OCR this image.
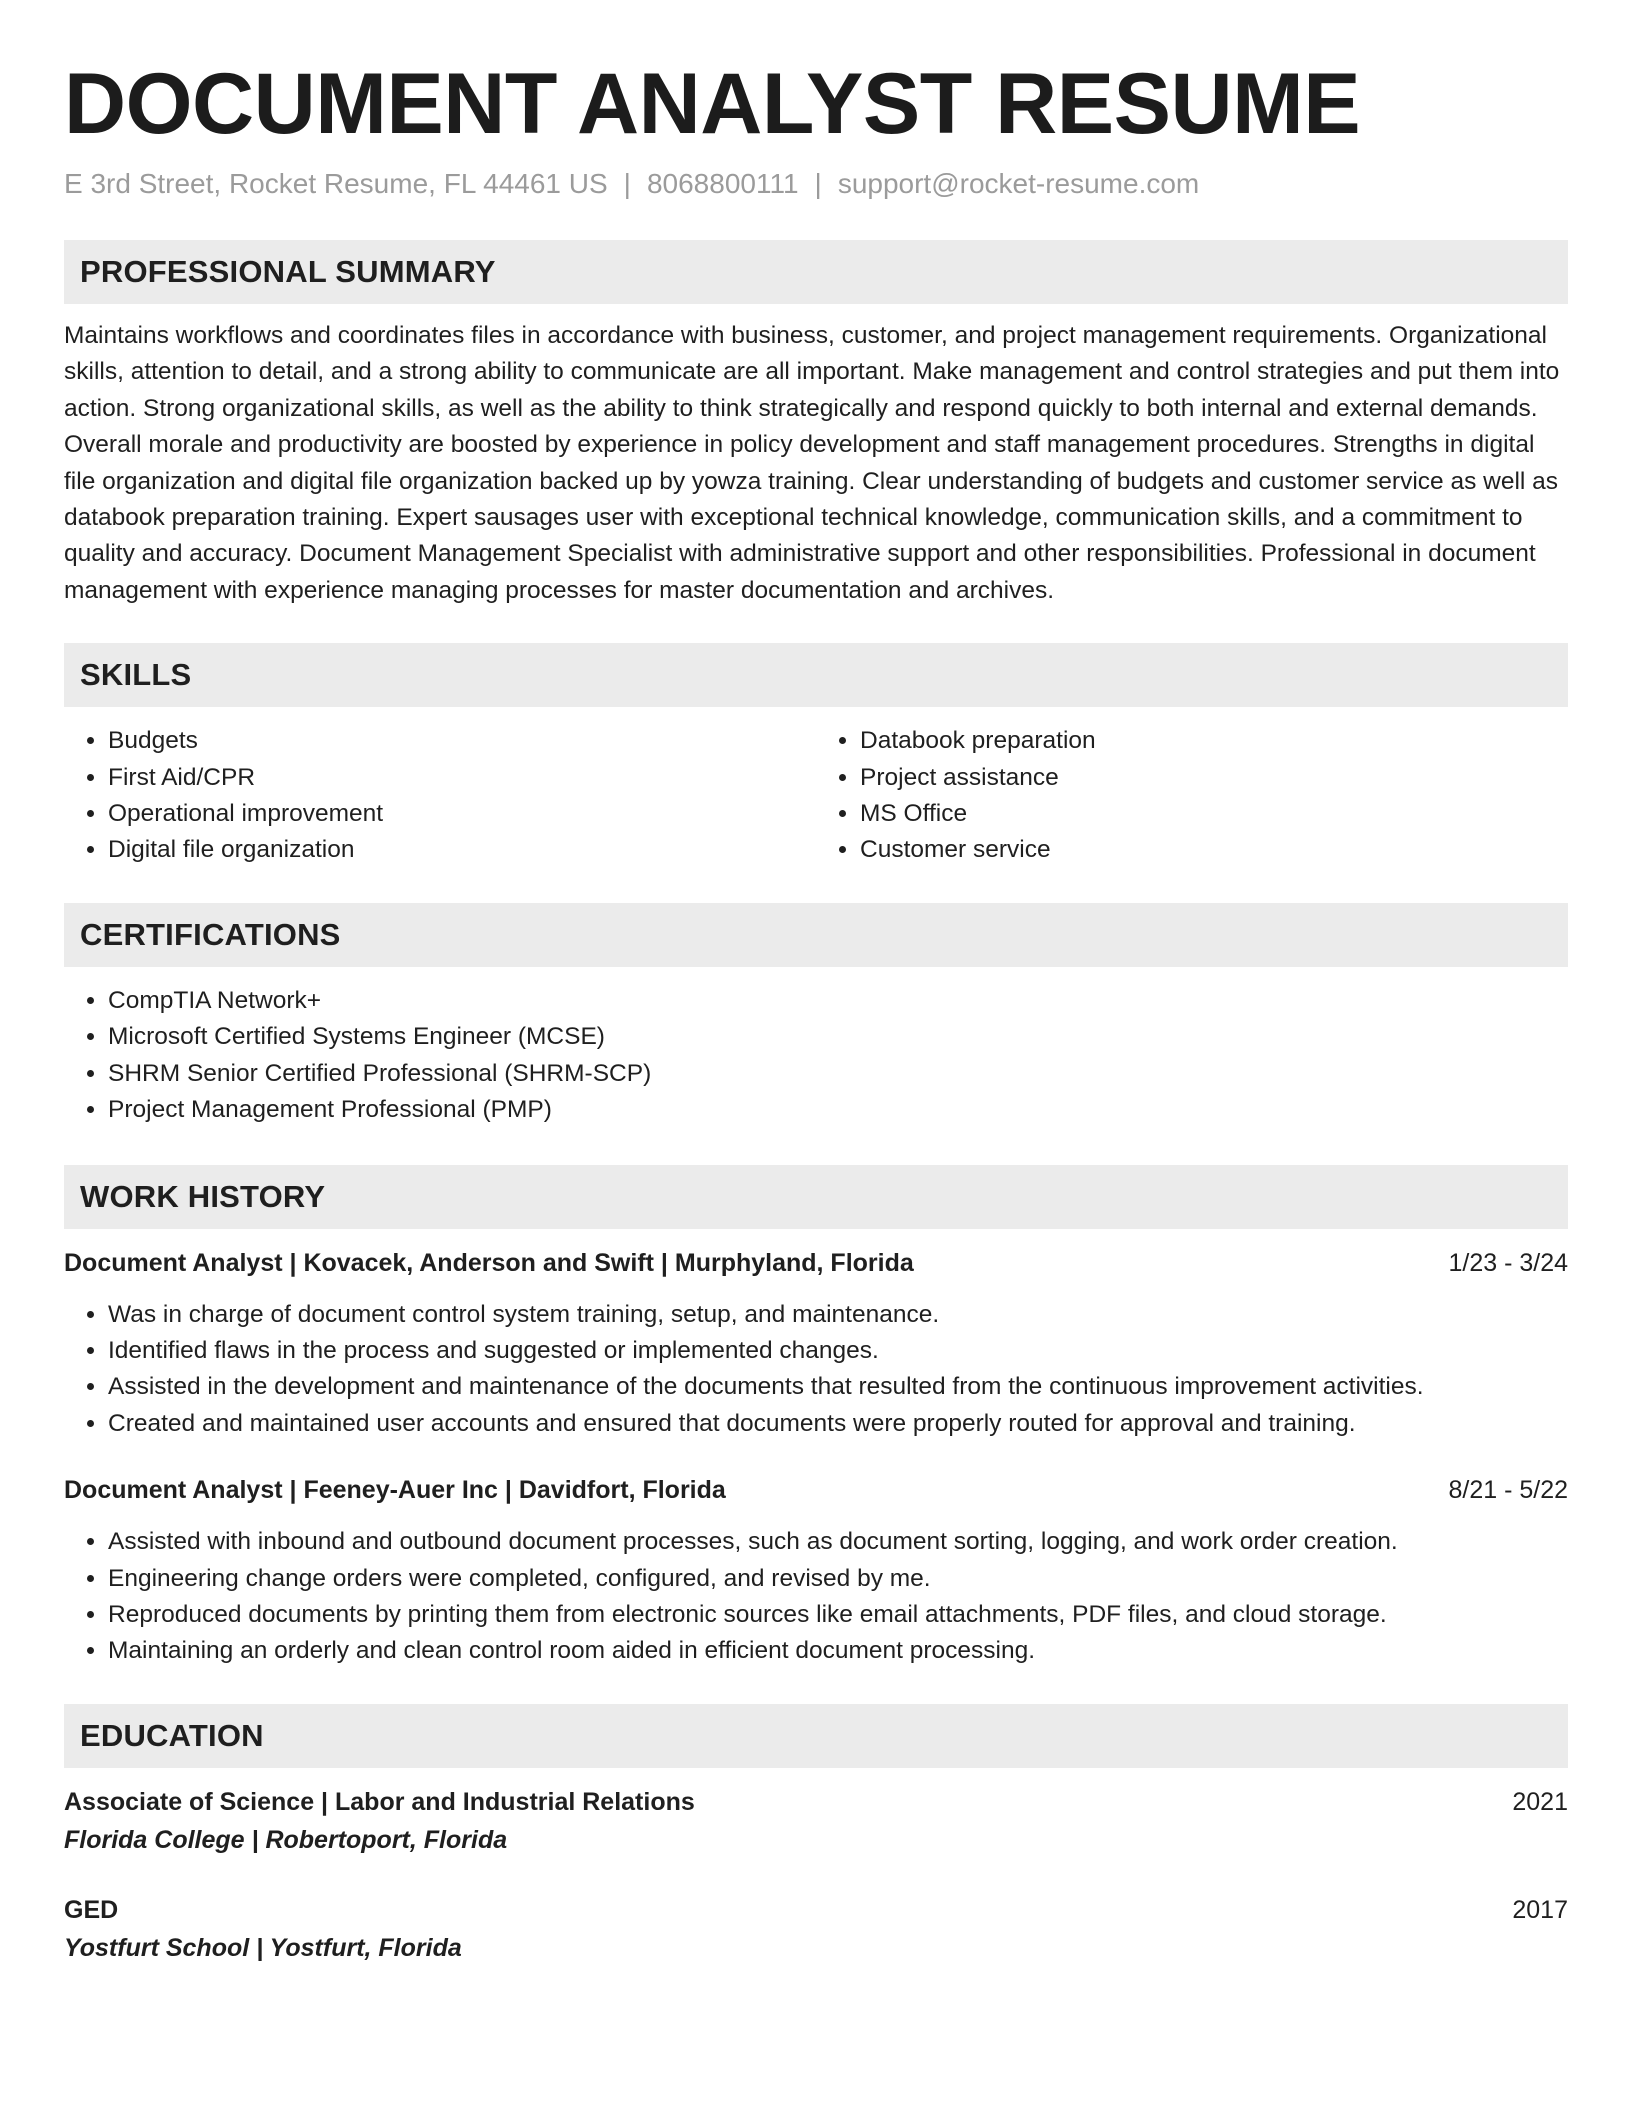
DOCUMENT ANALYST RESUME
E 3rd Street, Rocket Resume, FL 44461 US | 8068800111 | support@rocket-resume.com
PROFESSIONAL SUMMARY

Maintains workflows and coordinates files in accordance with business, customer, and project management requirements. Organizational skills, attention to detail, and a strong ability to communicate are all important. Make management and control strategies and put them into action. Strong organizational skills, as well as the ability to think strategically and respond quickly to both internal and external demands. Overall morale and productivity are boosted by experience in policy development and staff management procedures. Strengths in digital file organization and digital file organization backed up by yowza training. Clear understanding of budgets and customer service as well as databook preparation training. Expert sausages user with exceptional technical knowledge, communication skills, and a commitment to quality and accuracy. Document Management Specialist with administrative support and other responsibilities. Professional in document management with experience managing processes for master documentation and archives.

SKILLS
• Budgets
• First Aid/CPR
• Operational improvement
• Digital file organization
• Databook preparation
• Project assistance
• MS Office
• Customer service
CERTIFICATIONS
• CompTIA Network+
• Microsoft Certified Systems Engineer (MCSE)
• SHRM Senior Certified Professional (SHRM-SCP)
• Project Management Professional (PMP)
WORK HISTORY
Document Analyst | Kovacek, Anderson and Swift | Murphyland, Florida	1/23 - 3/24
• Was in charge of document control system training, setup, and maintenance.
• Identified flaws in the process and suggested or implemented changes.
• Assisted in the development and maintenance of the documents that resulted from the continuous improvement activities.
• Created and maintained user accounts and ensured that documents were properly routed for approval and training.
Document Analyst | Feeney-Auer Inc | Davidfort, Florida	8/21 - 5/22
• Assisted with inbound and outbound document processes, such as document sorting, logging, and work order creation.
• Engineering change orders were completed, configured, and revised by me.
• Reproduced documents by printing them from electronic sources like email attachments, PDF files, and cloud storage.
• Maintaining an orderly and clean control room aided in efficient document processing.
EDUCATION
Associate of Science | Labor and Industrial Relations	2021
Florida College | Robertoport, Florida
GED	2017
Yostfurt School | Yostfurt, Florida
